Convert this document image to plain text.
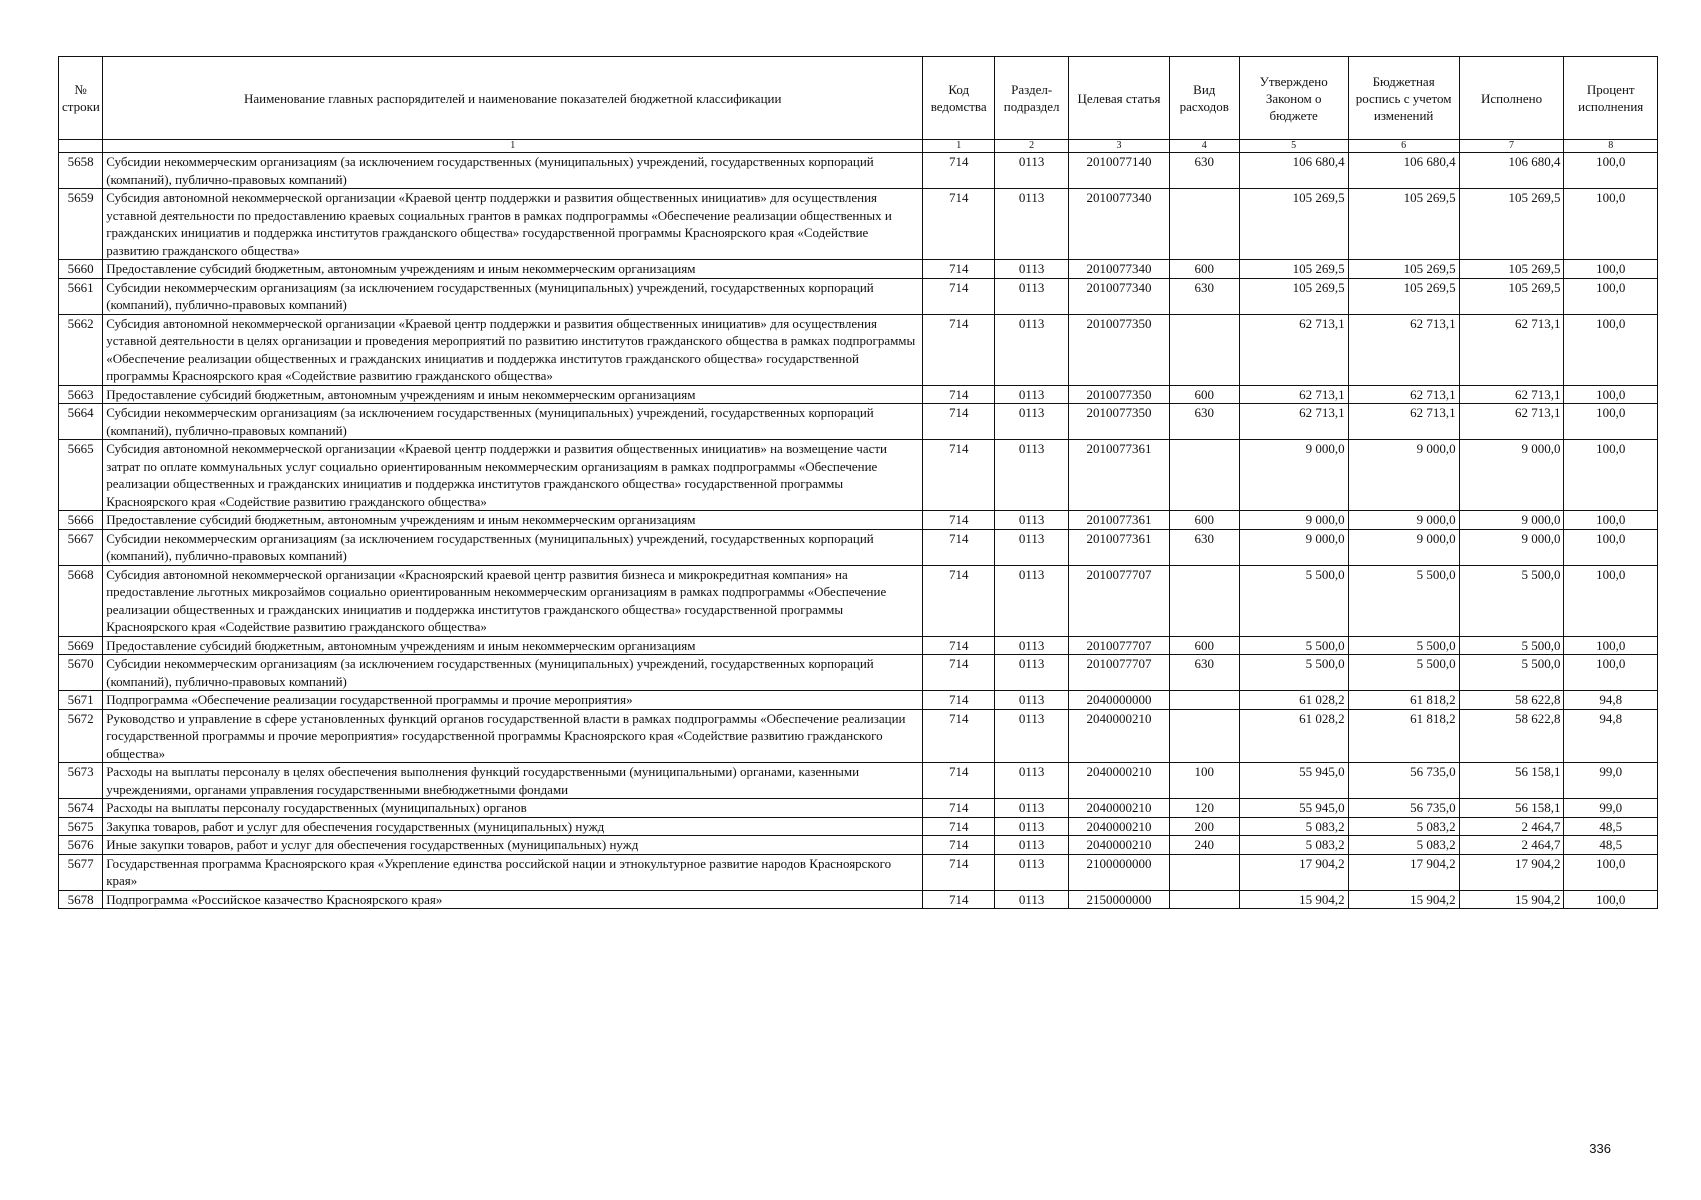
№ строки	Наименование главных распорядителей и наименование показателей бюджетной классификации	Код ведомства	Раздел-подраздел	Целевая статья	Вид расходов	Утверждено Законом о бюджете	Бюджетная роспись с учетом изменений	Исполнено	Процент исполнения
	1	1	2	3	4	5	6	7	8
5658	Субсидии некоммерческим организациям (за исключением государственных (муниципальных) учреждений, государственных корпораций (компаний), публично-правовых компаний)	714	0113	2010077140	630	106 680,4	106 680,4	106 680,4	100,0
5659	Субсидия автономной некоммерческой организации «Краевой центр поддержки и развития общественных инициатив» для осуществления уставной деятельности по предоставлению краевых социальных грантов в рамках подпрограммы «Обеспечение реализации общественных и гражданских инициатив и поддержка институтов гражданского общества» государственной программы Красноярского края «Содействие развитию гражданского общества»	714	0113	2010077340		105 269,5	105 269,5	105 269,5	100,0
5660	Предоставление субсидий бюджетным, автономным учреждениям и иным некоммерческим организациям	714	0113	2010077340	600	105 269,5	105 269,5	105 269,5	100,0
5661	Субсидии некоммерческим организациям (за исключением государственных (муниципальных) учреждений, государственных корпораций (компаний), публично-правовых компаний)	714	0113	2010077340	630	105 269,5	105 269,5	105 269,5	100,0
5662	Субсидия автономной некоммерческой организации «Краевой центр поддержки и развития общественных инициатив» для осуществления уставной деятельности в целях организации и проведения мероприятий по развитию институтов гражданского общества в рамках подпрограммы «Обеспечение реализации общественных и гражданских инициатив и поддержка институтов гражданского общества» государственной программы Красноярского края «Содействие развитию гражданского общества»	714	0113	2010077350		62 713,1	62 713,1	62 713,1	100,0
5663	Предоставление субсидий бюджетным, автономным учреждениям и иным некоммерческим организациям	714	0113	2010077350	600	62 713,1	62 713,1	62 713,1	100,0
5664	Субсидии некоммерческим организациям (за исключением государственных (муниципальных) учреждений, государственных корпораций (компаний), публично-правовых компаний)	714	0113	2010077350	630	62 713,1	62 713,1	62 713,1	100,0
5665	Субсидия автономной некоммерческой организации «Краевой центр поддержки и развития общественных инициатив» на возмещение части затрат по оплате коммунальных услуг социально ориентированным некоммерческим организациям в рамках подпрограммы «Обеспечение реализации общественных и гражданских инициатив и поддержка институтов гражданского общества» государственной программы Красноярского края «Содействие развитию гражданского общества»	714	0113	2010077361		9 000,0	9 000,0	9 000,0	100,0
5666	Предоставление субсидий бюджетным, автономным учреждениям и иным некоммерческим организациям	714	0113	2010077361	600	9 000,0	9 000,0	9 000,0	100,0
5667	Субсидии некоммерческим организациям (за исключением государственных (муниципальных) учреждений, государственных корпораций (компаний), публично-правовых компаний)	714	0113	2010077361	630	9 000,0	9 000,0	9 000,0	100,0
5668	Субсидия автономной некоммерческой организации «Красноярский краевой центр развития бизнеса и микрокредитная компания» на предоставление льготных микрозаймов социально ориентированным некоммерческим организациям в рамках подпрограммы «Обеспечение реализации общественных и гражданских инициатив и поддержка институтов гражданского общества» государственной программы Красноярского края «Содействие развитию гражданского общества»	714	0113	2010077707		5 500,0	5 500,0	5 500,0	100,0
5669	Предоставление субсидий бюджетным, автономным учреждениям и иным некоммерческим организациям	714	0113	2010077707	600	5 500,0	5 500,0	5 500,0	100,0
5670	Субсидии некоммерческим организациям (за исключением государственных (муниципальных) учреждений, государственных корпораций (компаний), публично-правовых компаний)	714	0113	2010077707	630	5 500,0	5 500,0	5 500,0	100,0
5671	Подпрограмма «Обеспечение реализации государственной программы и прочие мероприятия»	714	0113	2040000000		61 028,2	61 818,2	58 622,8	94,8
5672	Руководство и управление в сфере установленных функций органов государственной власти в рамках подпрограммы «Обеспечение реализации государственной программы и прочие мероприятия» государственной программы Красноярского края «Содействие развитию гражданского общества»	714	0113	2040000210		61 028,2	61 818,2	58 622,8	94,8
5673	Расходы на выплаты персоналу в целях обеспечения выполнения функций государственными (муниципальными) органами, казенными учреждениями, органами управления государственными внебюджетными фондами	714	0113	2040000210	100	55 945,0	56 735,0	56 158,1	99,0
5674	Расходы на выплаты персоналу государственных (муниципальных) органов	714	0113	2040000210	120	55 945,0	56 735,0	56 158,1	99,0
5675	Закупка товаров, работ и услуг для обеспечения государственных (муниципальных) нужд	714	0113	2040000210	200	5 083,2	5 083,2	2 464,7	48,5
5676	Иные закупки товаров, работ и услуг для обеспечения государственных (муниципальных) нужд	714	0113	2040000210	240	5 083,2	5 083,2	2 464,7	48,5
5677	Государственная программа Красноярского края «Укрепление единства российской нации и этнокультурное развитие народов Красноярского края»	714	0113	2100000000		17 904,2	17 904,2	17 904,2	100,0
5678	Подпрограмма «Российское казачество Красноярского края»	714	0113	2150000000		15 904,2	15 904,2	15 904,2	100,0
336
